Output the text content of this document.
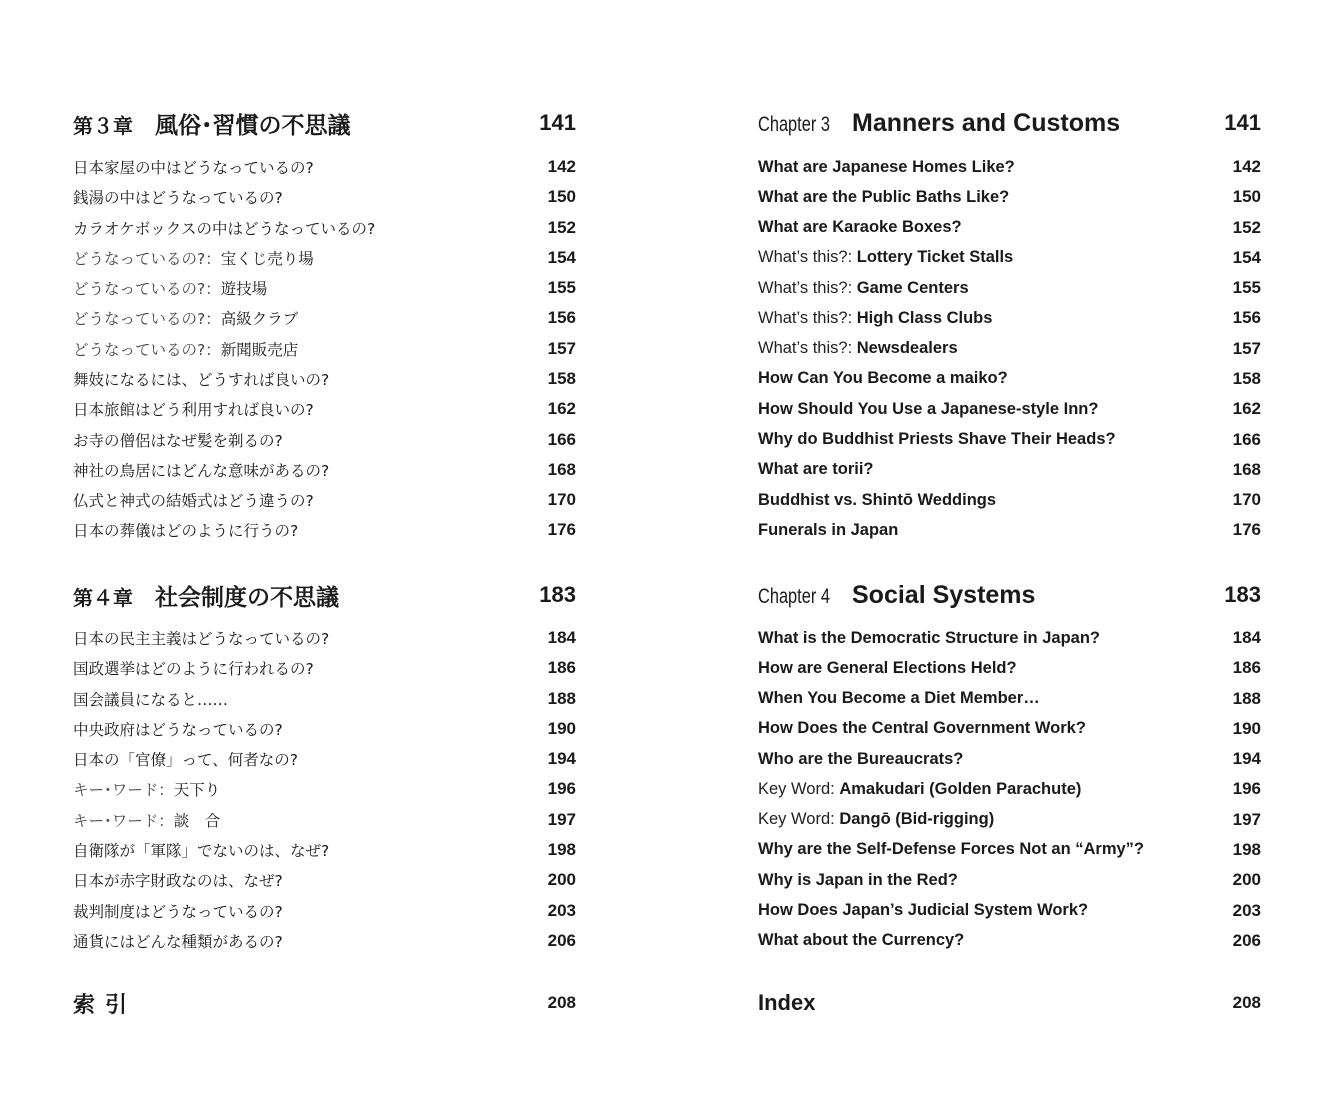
第３章 風俗･習慣の不思議	141
日本家屋の中はどうなっているの?	142
銭湯の中はどうなっているの?	150
カラオケボックスの中はどうなっているの?	152
どうなっているの?：宝くじ売り場	154
どうなっているの?：遊技場	155
どうなっているの?：高級クラブ	156
どうなっているの?：新聞販売店	157
舞妓になるには、どうすれば良いの?	158
日本旅館はどう利用すれば良いの?	162
お寺の僧侶はなぜ髪を剃るの?	166
神社の鳥居にはどんな意味があるの?	168
仏式と神式の結婚式はどう違うの?	170
日本の葬儀はどのように行うの?	176
第４章 社会制度の不思議	183
日本の民主主義はどうなっているの?	184
国政選挙はどのように行われるの?	186
国会議員になると……	188
中央政府はどうなっているの?	190
日本の「官僚」って、何者なの?	194
キー･ワード：天下り	196
キー･ワード：談　合	197
自衛隊が「軍隊」でないのは、なぜ?	198
日本が赤字財政なのは、なぜ?	200
裁判制度はどうなっているの?	203
通貨にはどんな種類があるの?	206
索引	208
Chapter 3 Manners and Customs	141
What are Japanese Homes Like?	142
What are the Public Baths Like?	150
What are Karaoke Boxes?	152
What’s this?: Lottery Ticket Stalls	154
What’s this?: Game Centers	155
What’s this?: High Class Clubs	156
What’s this?: Newsdealers	157
How Can You Become a maiko?	158
How Should You Use a Japanese-style Inn?	162
Why do Buddhist Priests Shave Their Heads?	166
What are torii?	168
Buddhist vs. Shintō Weddings	170
Funerals in Japan	176
Chapter 4 Social Systems	183
What is the Democratic Structure in Japan?	184
How are General Elections Held?	186
When You Become a Diet Member…	188
How Does the Central Government Work?	190
Who are the Bureaucrats?	194
Key Word: Amakudari (Golden Parachute)	196
Key Word: Dangō (Bid-rigging)	197
Why are the Self-Defense Forces Not an “Army”?	198
Why is Japan in the Red?	200
How Does Japan’s Judicial System Work?	203
What about the Currency?	206
Index	208
